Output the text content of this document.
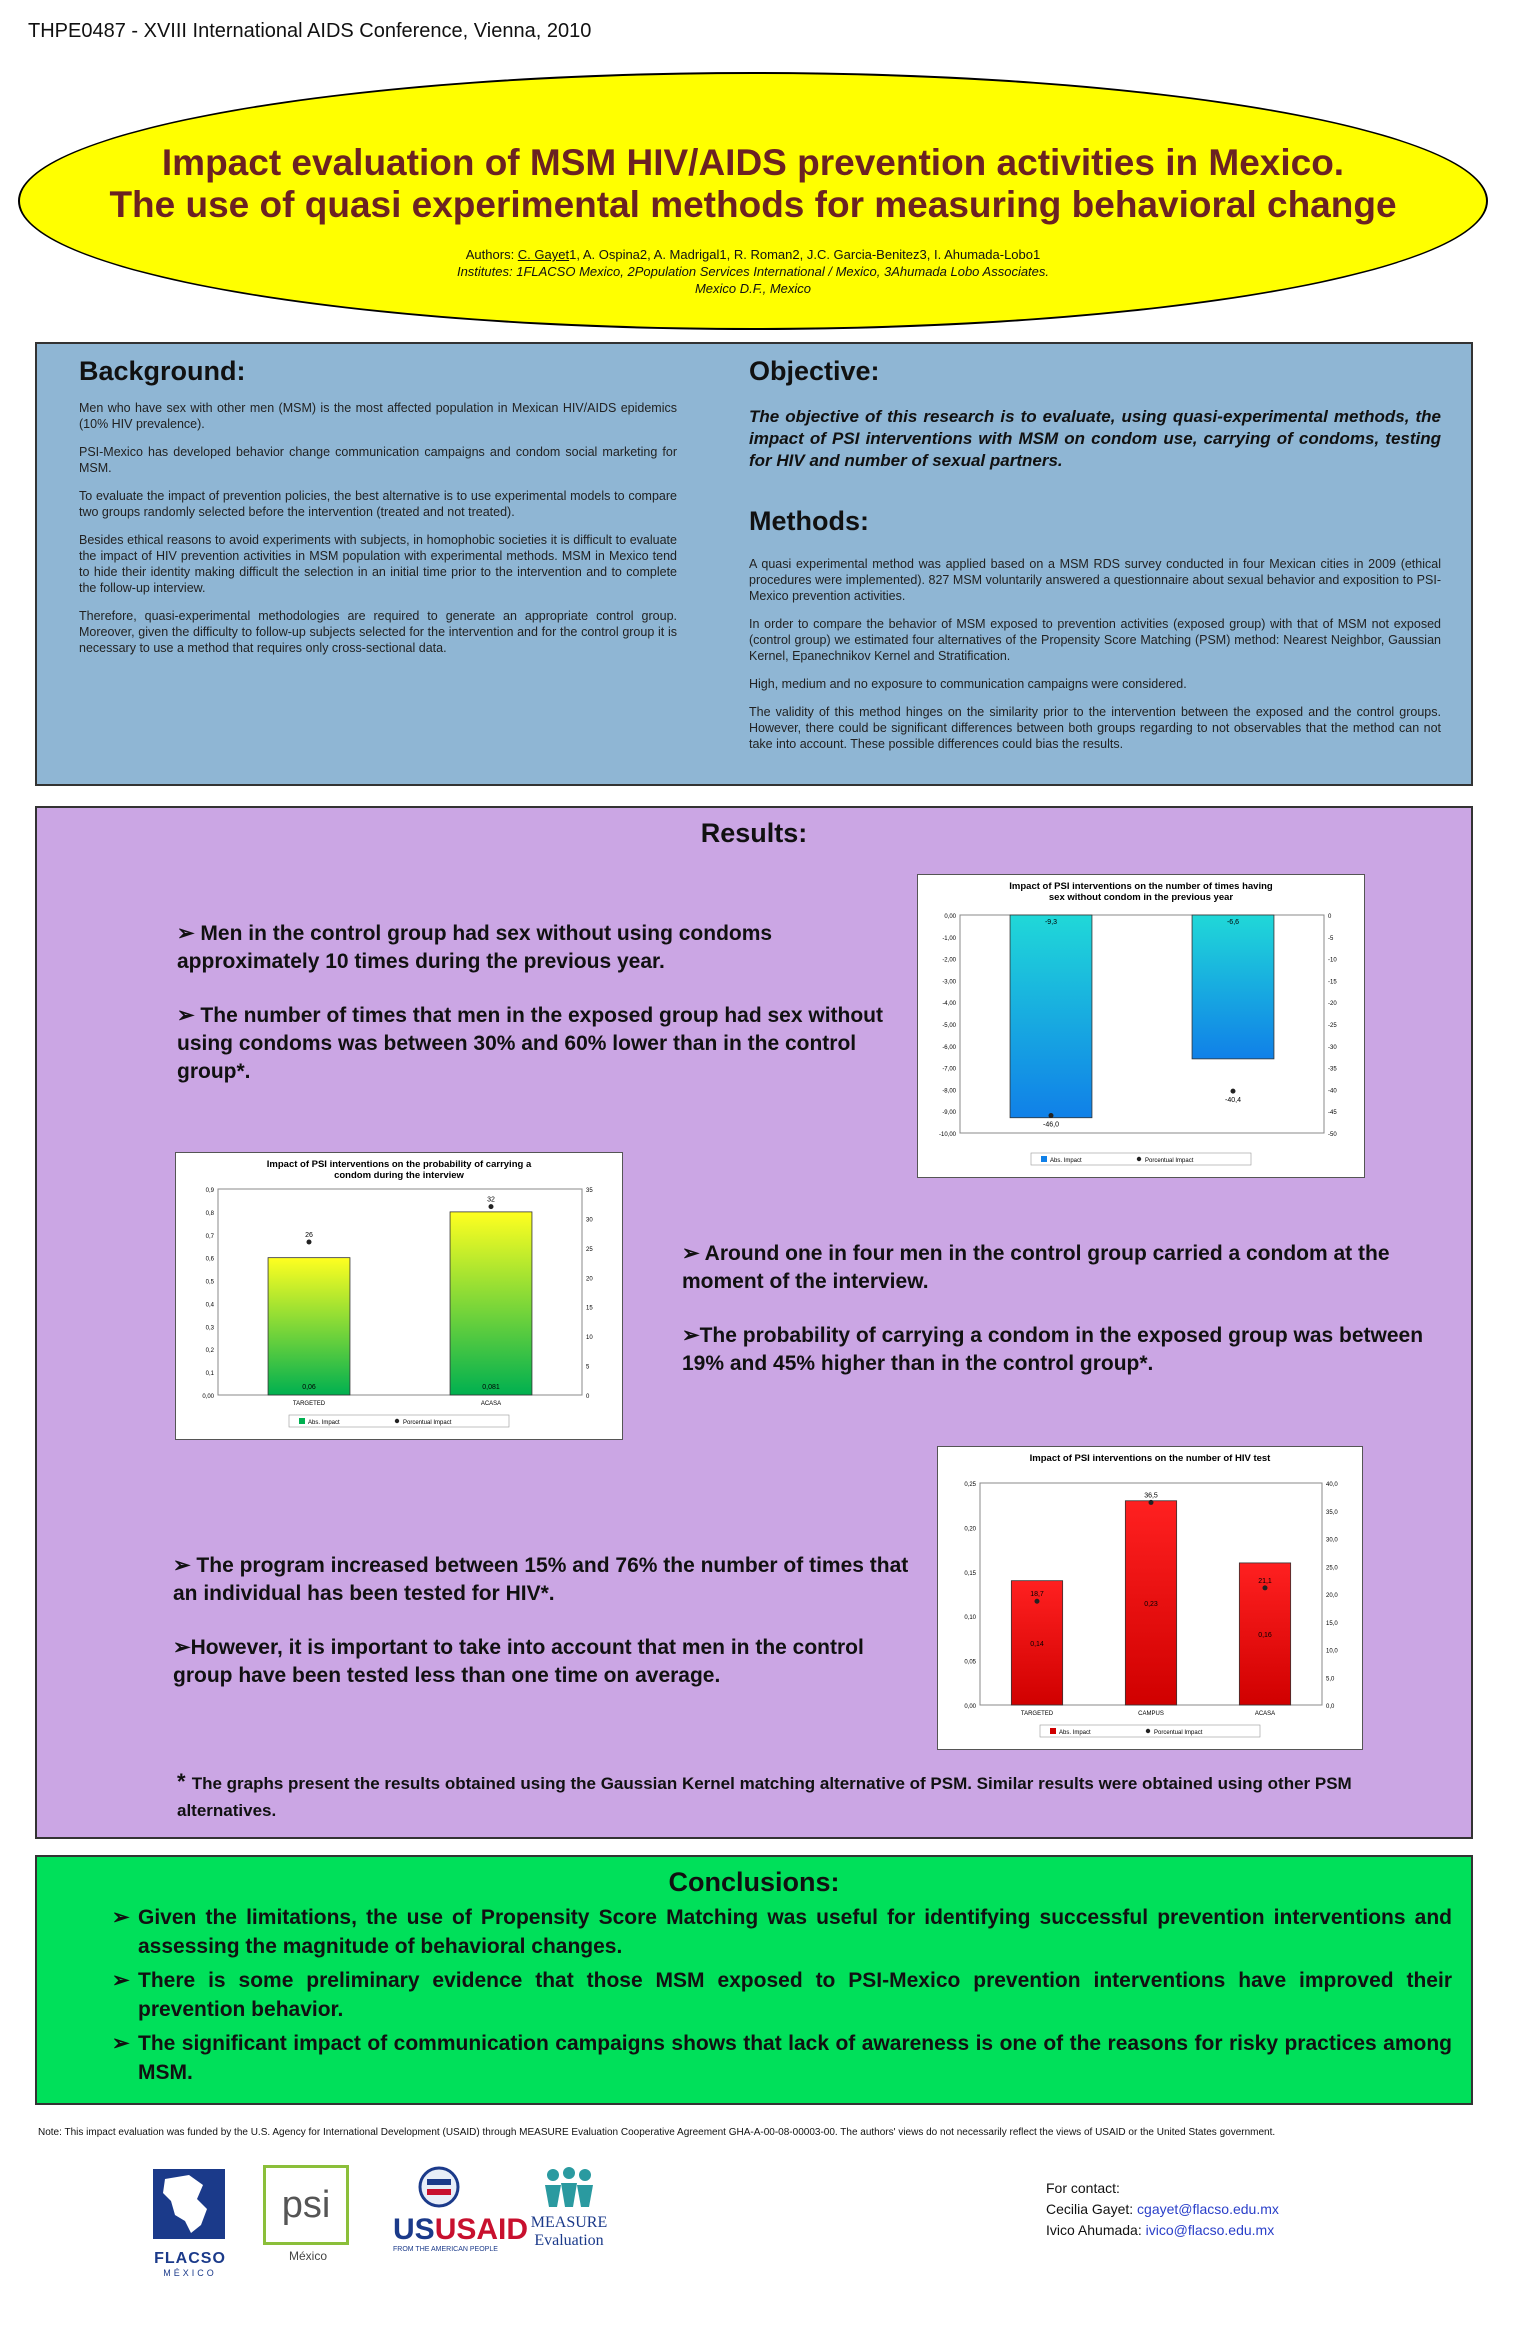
THPE0487 - XVIII International AIDS Conference, Vienna, 2010
Impact evaluation of MSM HIV/AIDS prevention activities in Mexico.
The use of quasi experimental methods for measuring behavioral change
Authors: C. Gayet1, A. Ospina2, A. Madrigal1, R. Roman2, J.C. Garcia-Benitez3, I. Ahumada-Lobo1
Institutes: 1FLACSO Mexico, 2Population Services International / Mexico, 3Ahumada Lobo Associates.
Mexico D.F., Mexico
Background:

Men who have sex with other men (MSM) is the most affected population in Mexican HIV/AIDS epidemics (10% HIV prevalence).

PSI-Mexico has developed behavior change communication campaigns and condom social marketing for MSM.

To evaluate the impact of prevention policies, the best alternative is to use experimental models to compare two groups randomly selected before the intervention (treated and not treated).

Besides ethical reasons to avoid experiments with subjects, in homophobic societies it is difficult to evaluate the impact of HIV prevention activities in MSM population with experimental methods. MSM in Mexico tend to hide their identity making difficult the selection in an initial time prior to the intervention and to complete the follow-up interview.

Therefore, quasi-experimental methodologies are required to generate an appropriate control group. Moreover, given the difficulty to follow-up subjects selected for the intervention and for the control group it is necessary to use a method that requires only cross-sectional data.

Objective:
The objective of this research is to evaluate, using quasi-experimental methods, the impact of PSI interventions with MSM on condom use, carrying of condoms, testing for HIV and number of sexual partners.
Methods:

A quasi experimental method was applied based on a MSM RDS survey conducted in four Mexican cities in 2009 (ethical procedures were implemented). 827 MSM voluntarily answered a questionnaire about sexual behavior and exposition to PSI-Mexico prevention activities.

In order to compare the behavior of MSM exposed to prevention activities (exposed group) with that of MSM not exposed (control group) we estimated four alternatives of the Propensity Score Matching (PSM) method: Nearest Neighbor, Gaussian Kernel, Epanechnikov Kernel and Stratification.

High, medium and no exposure to communication campaigns were considered.

The validity of this method hinges on the similarity prior to the intervention between the exposed and the control groups. However, there could be significant differences between both groups regarding to not observables that the method can not take into account. These possible differences could bias the results.

Results:

➢ Men in the control group had sex without using condoms approximately 10 times during the previous year.

➢ The number of times that men in the exposed group had sex without using condoms was between 30% and 60% lower than in the control group*.

Impact of PSI interventions on the number of times having
sex without condom in the previous year
0,00
-1,00
-2,00
-3,00
-4,00
-5,00
-6,00
-7,00
-8,00
-9,00
-10,00
0
-5
-10
-15
-20
-25
-30
-35
-40
-45
-50
-9,3
-46,0
-6,6
-40,4
Abs. Impact	Porcentual Impact
Impact of PSI interventions on the probability of carrying a
condom during the interview
0,00
0,1
0,2
0,3
0,4
0,5
0,6
0,7
0,8
0,9
0
5
10
15
20
25
30
35
0,06
26
TARGETED
0,081
32
ACASA
Abs. Impact	Porcentual Impact

➢ Around one in four men in the control group carried a condom at the moment of the interview.

➢The probability of carrying a condom in the exposed group was between 19% and 45% higher than in the control group*.

Impact of PSI interventions on the number of HIV test
0,00
0,05
0,10
0,15
0,20
0,25
0,0
5,0
10,0
15,0
20,0
25,0
30,0
35,0
40,0
0,14
18,7
TARGETED
0,23
36,5
CAMPUS
0,16
21,1
ACASA
Abs. Impact	Porcentual Impact

➢ The program increased between 15% and 76% the number of times that an individual has been tested for HIV*.

➢However, it is important to take into account that men in the control group have been tested less than one time on average.

* The graphs present the results obtained using the Gaussian Kernel matching alternative of PSM. Similar results were obtained using other PSM alternatives.
Conclusions:
➢ Given the limitations, the use of Propensity Score Matching was useful for identifying successful prevention interventions and assessing the magnitude of behavioral changes.
➢ There is some preliminary evidence that those MSM exposed to PSI-Mexico prevention interventions have improved their prevention behavior.
➢ The significant impact of communication campaigns shows that lack of awareness is one of the reasons for risky practices among MSM.
Note: This impact evaluation was funded by the U.S. Agency for International Development (USAID) through MEASURE Evaluation Cooperative Agreement GHA-A-00-08-00003-00. The authors' views do not necessarily reflect the views of USAID or the United States government.
FLACSO
MÉXICO
psi
México
USUSAID
FROM THE AMERICAN PEOPLE
MEASURE
Evaluation
For contact:
Cecilia Gayet: cgayet@flacso.edu.mx
Ivico Ahumada: ivico@flacso.edu.mx
